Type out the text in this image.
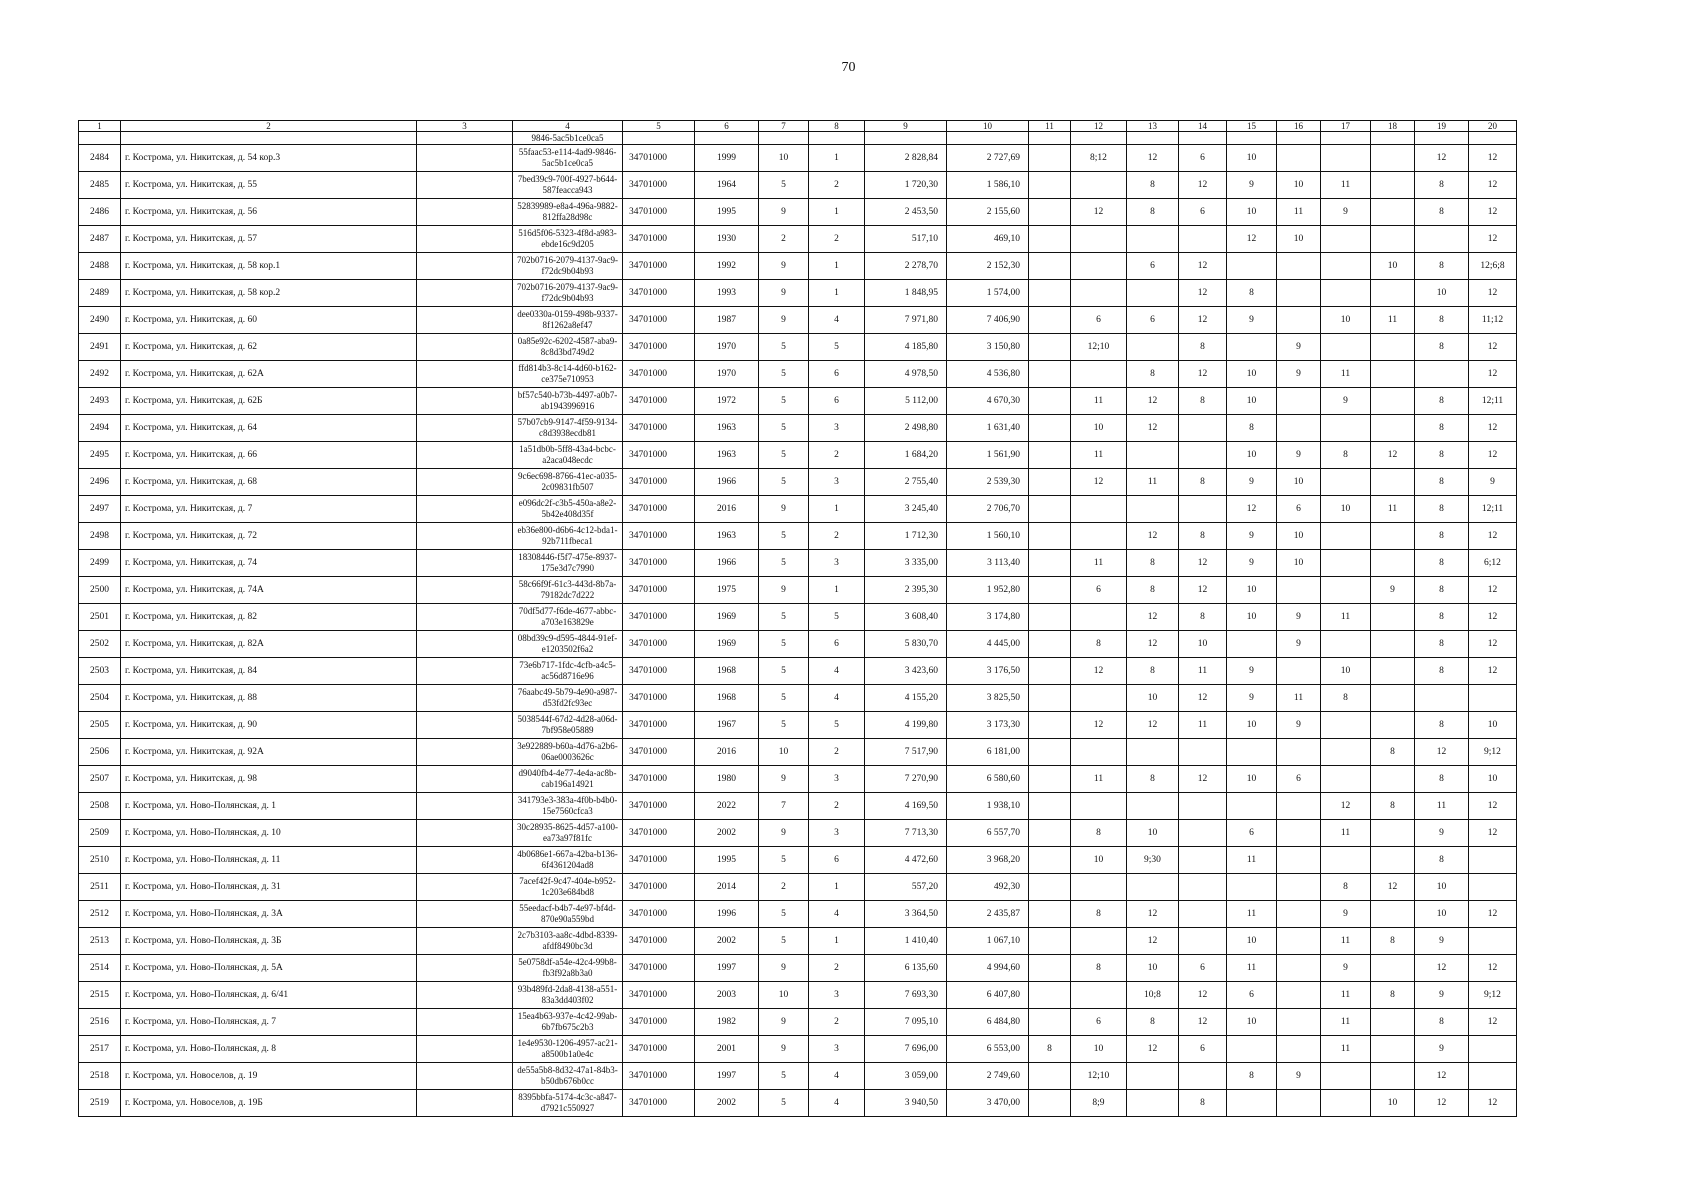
70
1	2	3	4	5	6	7	8	9	10	11	12	13	14	15	16	17	18	19	20
			9846-5ac5b1ce0ca5																
2484	г. Кострома, ул. Никитская, д. 54 кор.3		55faac53-e114-4ad9-9846-5ac5b1ce0ca5	34701000	1999	10	1	2 828,84	2 727,69		8;12	12	6	10				12	12
2485	г. Кострома, ул. Никитская, д. 55		7bed39c9-700f-4927-b644-587feacca943	34701000	1964	5	2	1 720,30	1 586,10			8	12	9	10	11		8	12
2486	г. Кострома, ул. Никитская, д. 56		52839989-e8a4-496a-9882-812ffa28d98c	34701000	1995	9	1	2 453,50	2 155,60		12	8	6	10	11	9		8	12
2487	г. Кострома, ул. Никитская, д. 57		516d5f06-5323-4f8d-a983-ebde16c9d205	34701000	1930	2	2	517,10	469,10					12	10				12
2488	г. Кострома, ул. Никитская, д. 58 кор.1		702b0716-2079-4137-9ac9-f72dc9b04b93	34701000	1992	9	1	2 278,70	2 152,30			6	12				10	8	12;6;8
2489	г. Кострома, ул. Никитская, д. 58 кор.2		702b0716-2079-4137-9ac9-f72dc9b04b93	34701000	1993	9	1	1 848,95	1 574,00				12	8				10	12
2490	г. Кострома, ул. Никитская, д. 60		dee0330a-0159-498b-9337-8f1262a8ef47	34701000	1987	9	4	7 971,80	7 406,90		6	6	12	9		10	11	8	11;12
2491	г. Кострома, ул. Никитская, д. 62		0a85e92c-6202-4587-aba9-8c8d3bd749d2	34701000	1970	5	5	4 185,80	3 150,80		12;10		8		9			8	12
2492	г. Кострома, ул. Никитская, д. 62А		ffd814b3-8c14-4d60-b162-ce375e710953	34701000	1970	5	6	4 978,50	4 536,80			8	12	10	9	11			12
2493	г. Кострома, ул. Никитская, д. 62Б		bf57c540-b73b-4497-a0b7-ab1943996916	34701000	1972	5	6	5 112,00	4 670,30		11	12	8	10		9		8	12;11
2494	г. Кострома, ул. Никитская, д. 64		57b07cb9-9147-4f59-9134-c8d3938ecdb81	34701000	1963	5	3	2 498,80	1 631,40		10	12		8				8	12
2495	г. Кострома, ул. Никитская, д. 66		1a51db0b-5ff8-43a4-bcbc-a2aca048ecdc	34701000	1963	5	2	1 684,20	1 561,90		11			10	9	8	12	8	12
2496	г. Кострома, ул. Никитская, д. 68		9c6ec698-8766-41ec-a035-2c09831fb507	34701000	1966	5	3	2 755,40	2 539,30		12	11	8	9	10			8	9
2497	г. Кострома, ул. Никитская, д. 7		e096dc2f-c3b5-450a-a8e2-5b42e408d35f	34701000	2016	9	1	3 245,40	2 706,70					12	6	10	11	8	12;11
2498	г. Кострома, ул. Никитская, д. 72		eb36e800-d6b6-4c12-bda1-92b711fbeca1	34701000	1963	5	2	1 712,30	1 560,10			12	8	9	10			8	12
2499	г. Кострома, ул. Никитская, д. 74		18308446-f5f7-475e-8937-175e3d7c7990	34701000	1966	5	3	3 335,00	3 113,40		11	8	12	9	10			8	6;12
2500	г. Кострома, ул. Никитская, д. 74А		58c66f9f-61c3-443d-8b7a-79182dc7d222	34701000	1975	9	1	2 395,30	1 952,80		6	8	12	10			9	8	12
2501	г. Кострома, ул. Никитская, д. 82		70df5d77-f6de-4677-abbc-a703e163829e	34701000	1969	5	5	3 608,40	3 174,80			12	8	10	9	11		8	12
2502	г. Кострома, ул. Никитская, д. 82А		08bd39c9-d595-4844-91ef-e1203502f6a2	34701000	1969	5	6	5 830,70	4 445,00		8	12	10		9			8	12
2503	г. Кострома, ул. Никитская, д. 84		73e6b717-1fdc-4cfb-a4c5-ac56d8716e96	34701000	1968	5	4	3 423,60	3 176,50		12	8	11	9		10		8	12
2504	г. Кострома, ул. Никитская, д. 88		76aabc49-5b79-4e90-a987-d53fd2fc93ec	34701000	1968	5	4	4 155,20	3 825,50			10	12	9	11	8			
2505	г. Кострома, ул. Никитская, д. 90		5038544f-67d2-4d28-a06d-7bf958e05889	34701000	1967	5	5	4 199,80	3 173,30		12	12	11	10	9			8	10
2506	г. Кострома, ул. Никитская, д. 92А		3e922889-b60a-4d76-a2b6-06ae0003626c	34701000	2016	10	2	7 517,90	6 181,00								8	12	9;12
2507	г. Кострома, ул. Никитская, д. 98		d9040fb4-4e77-4e4a-ac8b-cab196a14921	34701000	1980	9	3	7 270,90	6 580,60		11	8	12	10	6			8	10
2508	г. Кострома, ул. Ново-Полянская, д. 1		341793e3-383a-4f0b-b4b0-15e7560cfca3	34701000	2022	7	2	4 169,50	1 938,10							12	8	11	12
2509	г. Кострома, ул. Ново-Полянская, д. 10		30c28935-8625-4d57-a100-ea73a97f81fc	34701000	2002	9	3	7 713,30	6 557,70		8	10		6		11		9	12
2510	г. Кострома, ул. Ново-Полянская, д. 11		4b0686e1-667a-42ba-b136-6f4361204ad8	34701000	1995	5	6	4 472,60	3 968,20		10	9;30		11				8	
2511	г. Кострома, ул. Ново-Полянская, д. 31		7acef42f-9c47-404e-b952-1c203e684bd8	34701000	2014	2	1	557,20	492,30							8	12	10	
2512	г. Кострома, ул. Ново-Полянская, д. 3А		55eedacf-b4b7-4e97-bf4d-870e90a559bd	34701000	1996	5	4	3 364,50	2 435,87		8	12		11		9		10	12
2513	г. Кострома, ул. Ново-Полянская, д. 3Б		2c7b3103-aa8c-4dbd-8339-afdf8490bc3d	34701000	2002	5	1	1 410,40	1 067,10			12		10		11	8	9	
2514	г. Кострома, ул. Ново-Полянская, д. 5А		5e0758df-a54e-42c4-99b8-fb3f92a8b3a0	34701000	1997	9	2	6 135,60	4 994,60		8	10	6	11		9		12	12
2515	г. Кострома, ул. Ново-Полянская, д. 6/41		93b489fd-2da8-4138-a551-83a3dd403f02	34701000	2003	10	3	7 693,30	6 407,80			10;8	12	6		11	8	9	9;12
2516	г. Кострома, ул. Ново-Полянская, д. 7		15ea4b63-937e-4c42-99ab-6b7fb675c2b3	34701000	1982	9	2	7 095,10	6 484,80		6	8	12	10		11		8	12
2517	г. Кострома, ул. Ново-Полянская, д. 8		1e4e9530-1206-4957-ac21-a8500b1a0e4c	34701000	2001	9	3	7 696,00	6 553,00	8	10	12	6			11		9	
2518	г. Кострома, ул. Новоселов, д. 19		de55a5b8-8d32-47a1-84b3-b50db676b0cc	34701000	1997	5	4	3 059,00	2 749,60		12;10			8	9			12	
2519	г. Кострома, ул. Новоселов, д. 19Б		8395bbfa-5174-4c3c-a847-d7921c550927	34701000	2002	5	4	3 940,50	3 470,00		8;9		8				10	12	12
